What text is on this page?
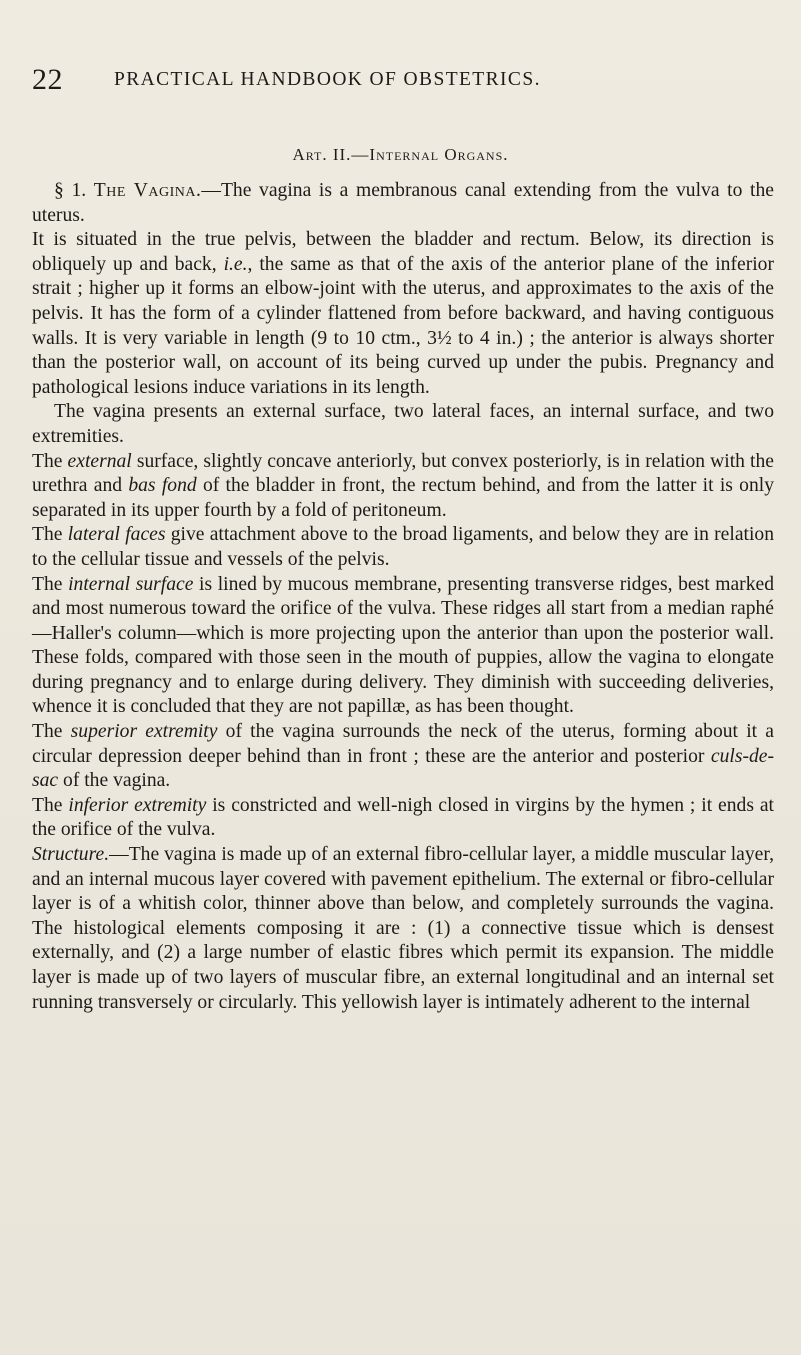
22	PRACTICAL HANDBOOK OF OBSTETRICS.
Art. II.—Internal Organs.

§ 1. The Vagina.—The vagina is a membranous canal extending from the vulva to the uterus.

It is situated in the true pelvis, between the bladder and rectum. Below, its direction is obliquely up and back, i.e., the same as that of the axis of the anterior plane of the inferior strait ; higher up it forms an elbow-joint with the uterus, and approximates to the axis of the pelvis. It has the form of a cylinder flattened from before backward, and having contiguous walls. It is very variable in length (9 to 10 ctm., 3½ to 4 in.) ; the anterior is always shorter than the posterior wall, on account of its being curved up under the pubis. Pregnancy and pathological lesions induce variations in its length.

The vagina presents an external surface, two lateral faces, an internal surface, and two extremities.

The external surface, slightly concave anteriorly, but convex posteriorly, is in relation with the urethra and bas fond of the bladder in front, the rectum behind, and from the latter it is only separated in its upper fourth by a fold of peritoneum.

The lateral faces give attachment above to the broad ligaments, and below they are in relation to the cellular tissue and vessels of the pelvis.

The internal surface is lined by mucous membrane, presenting transverse ridges, best marked and most numerous toward the orifice of the vulva. These ridges all start from a median raphé—Haller's column—which is more projecting upon the anterior than upon the posterior wall. These folds, compared with those seen in the mouth of puppies, allow the vagina to elongate during pregnancy and to enlarge during delivery. They diminish with succeeding deliveries, whence it is concluded that they are not papillæ, as has been thought.

The superior extremity of the vagina surrounds the neck of the uterus, forming about it a circular depression deeper behind than in front ; these are the anterior and posterior culs-de-sac of the vagina.

The inferior extremity is constricted and well-nigh closed in virgins by the hymen ; it ends at the orifice of the vulva.

Structure.—The vagina is made up of an external fibro-cellular layer, a middle muscular layer, and an internal mucous layer covered with pavement epithelium. The external or fibro-cellular layer is of a whitish color, thinner above than below, and completely surrounds the vagina. The histological elements composing it are : (1) a connective tissue which is densest externally, and (2) a large number of elastic fibres which permit its expansion. The middle layer is made up of two layers of muscular fibre, an external longitudinal and an internal set running transversely or circularly. This yellowish layer is intimately adherent to the internal
